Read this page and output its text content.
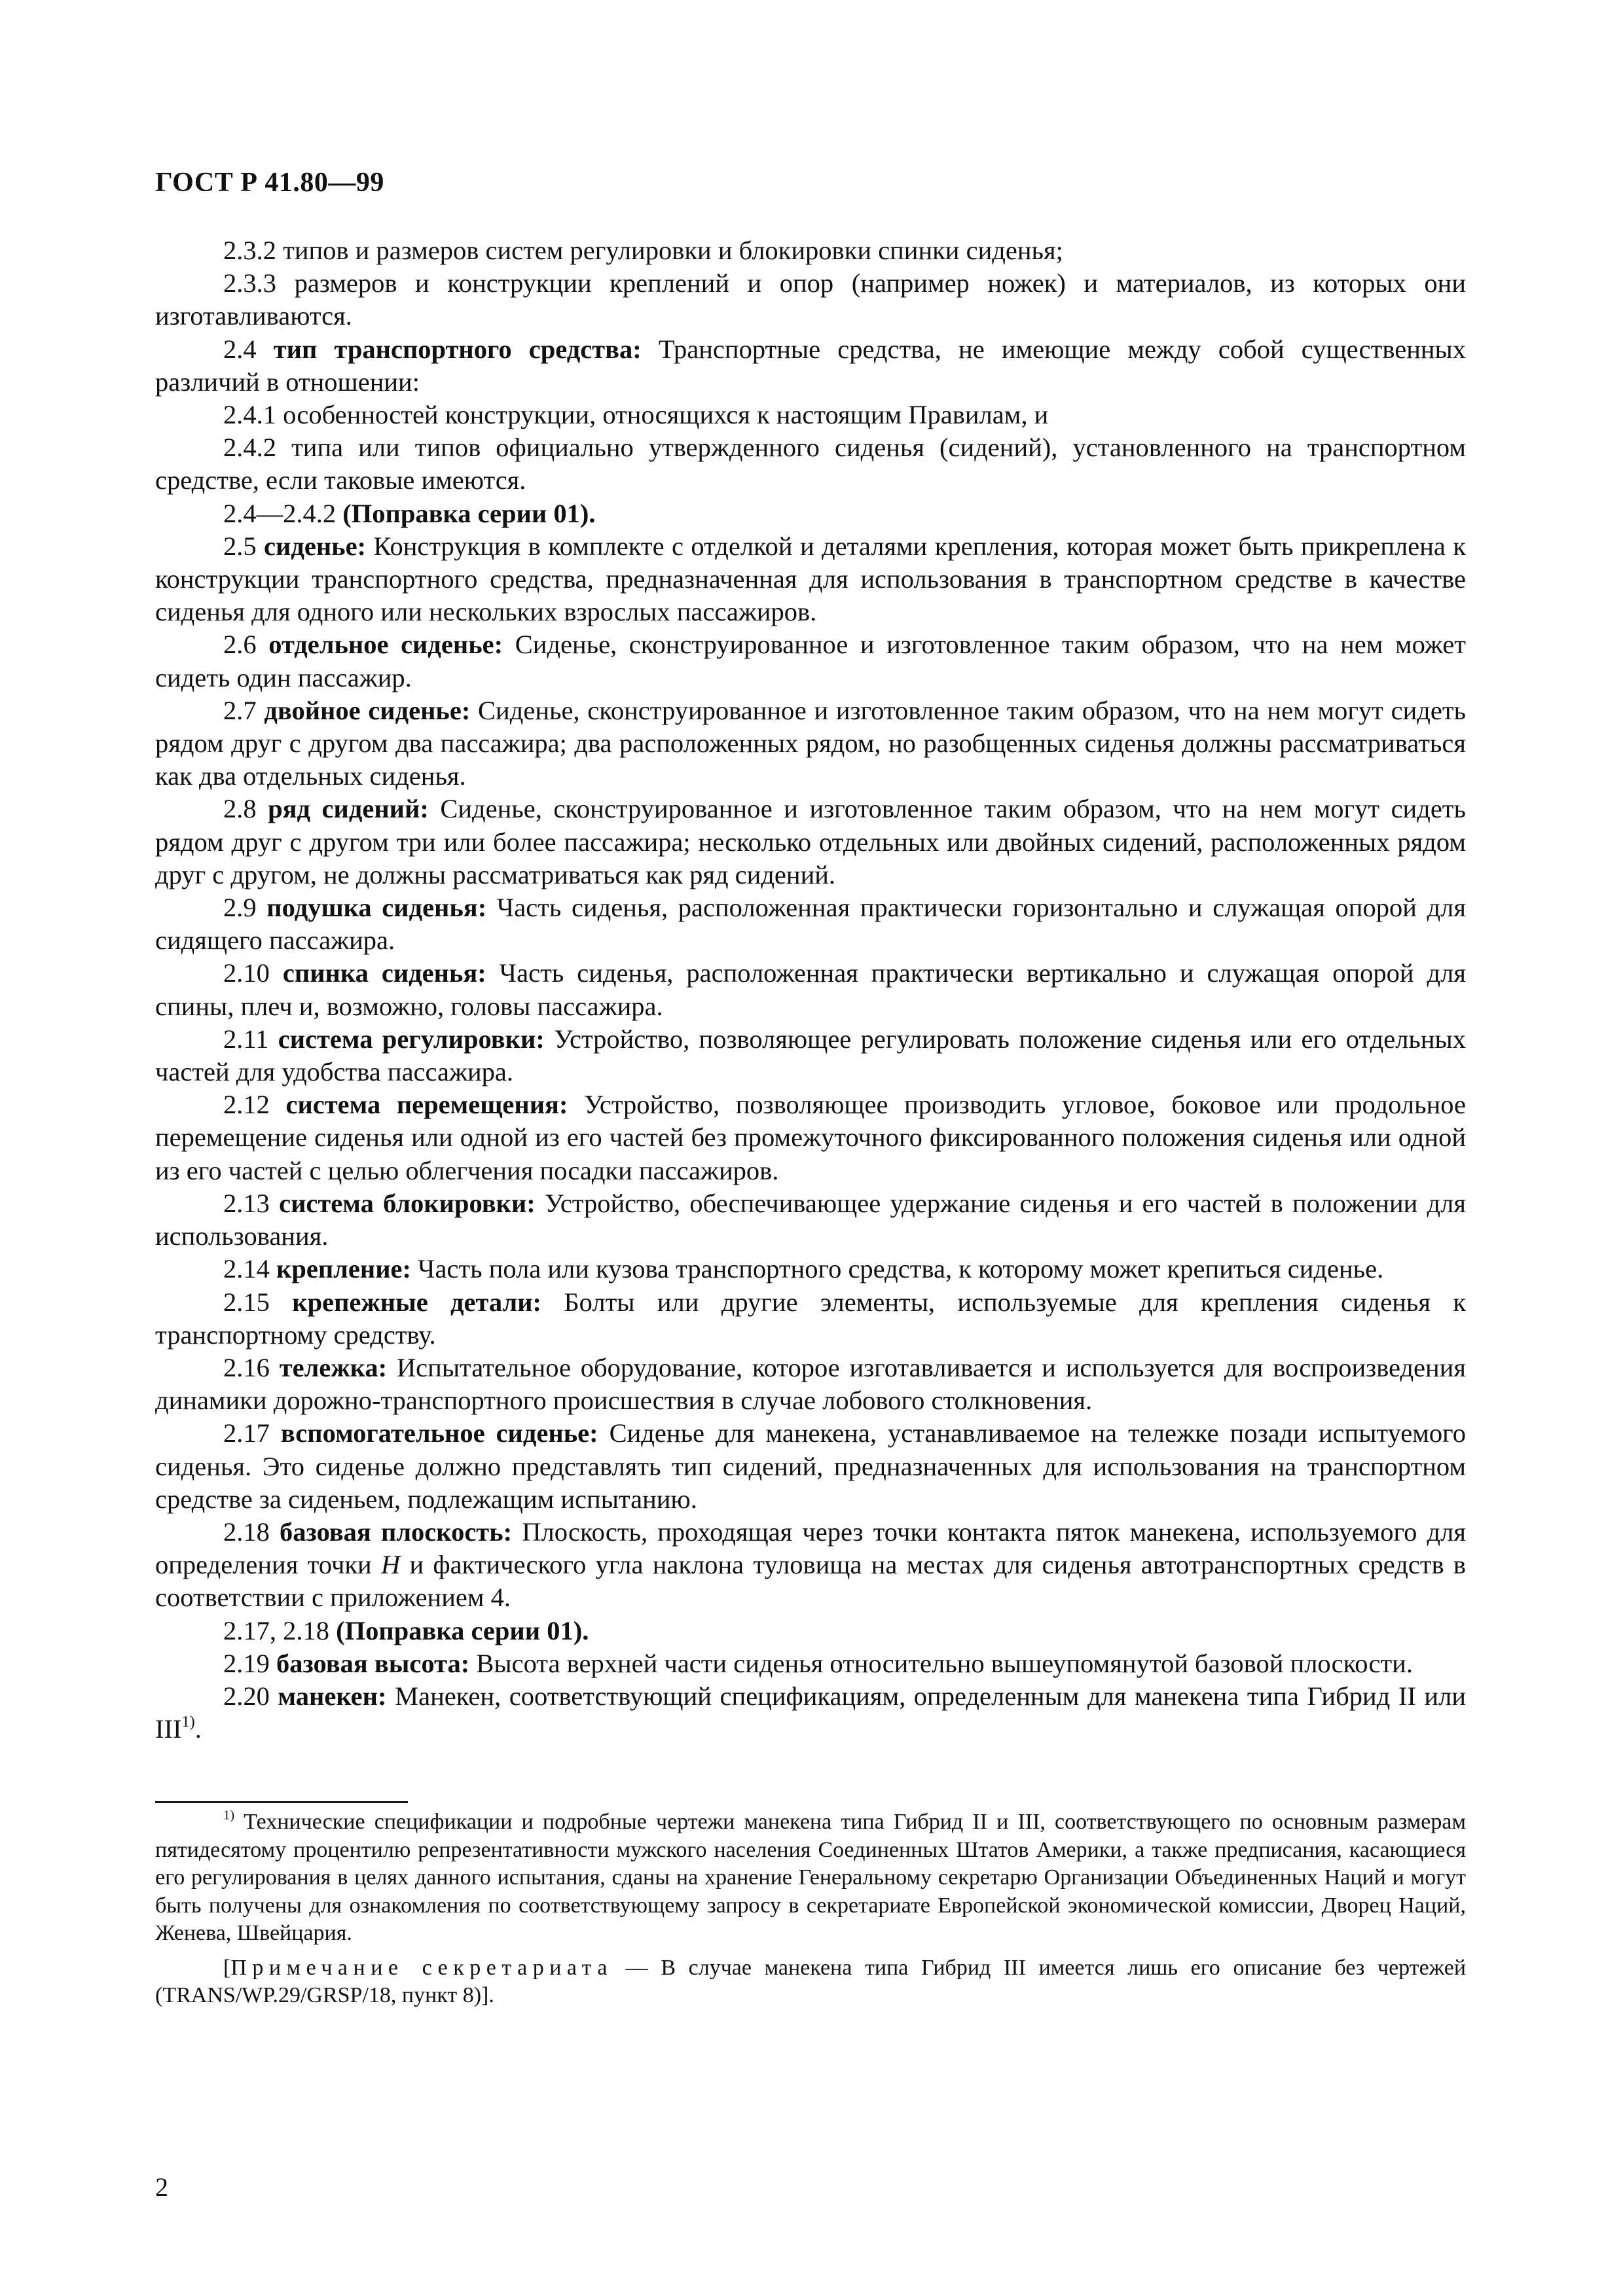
ГОСТ Р 41.80—99

2.3.2 типов и размеров систем регулировки и блокировки спинки сиденья;

2.3.3 размеров и конструкции креплений и опор (например ножек) и материалов, из которых они изготавливаются.

2.4 тип транспортного средства: Транспортные средства, не имеющие между собой существенных различий в отношении:

2.4.1 особенностей конструкции, относящихся к настоящим Правилам, и

2.4.2 типа или типов официально утвержденного сиденья (сидений), установленного на транспортном средстве, если таковые имеются.

2.4—2.4.2 (Поправка серии 01).

2.5 сиденье: Конструкция в комплекте с отделкой и деталями крепления, которая может быть прикреплена к конструкции транспортного средства, предназначенная для использования в транспортном средстве в качестве сиденья для одного или нескольких взрослых пассажиров.

2.6 отдельное сиденье: Сиденье, сконструированное и изготовленное таким образом, что на нем может сидеть один пассажир.

2.7 двойное сиденье: Сиденье, сконструированное и изготовленное таким образом, что на нем могут сидеть рядом друг с другом два пассажира; два расположенных рядом, но разобщенных сиденья должны рассматриваться как два отдельных сиденья.

2.8 ряд сидений: Сиденье, сконструированное и изготовленное таким образом, что на нем могут сидеть рядом друг с другом три или более пассажира; несколько отдельных или двойных сидений, расположенных рядом друг с другом, не должны рассматриваться как ряд сидений.

2.9 подушка сиденья: Часть сиденья, расположенная практически горизонтально и служащая опорой для сидящего пассажира.

2.10 спинка сиденья: Часть сиденья, расположенная практически вертикально и служащая опорой для спины, плеч и, возможно, головы пассажира.

2.11 система регулировки: Устройство, позволяющее регулировать положение сиденья или его отдельных частей для удобства пассажира.

2.12 система перемещения: Устройство, позволяющее производить угловое, боковое или продольное перемещение сиденья или одной из его частей без промежуточного фиксированного положения сиденья или одной из его частей с целью облегчения посадки пассажиров.

2.13 система блокировки: Устройство, обеспечивающее удержание сиденья и его частей в положении для использования.

2.14 крепление: Часть пола или кузова транспортного средства, к которому может крепиться сиденье.

2.15 крепежные детали: Болты или другие элементы, используемые для крепления сиденья к транспортному средству.

2.16 тележка: Испытательное оборудование, которое изготавливается и используется для воспроизведения динамики дорожно-транспортного происшествия в случае лобового столкновения.

2.17 вспомогательное сиденье: Сиденье для манекена, устанавливаемое на тележке позади испытуемого сиденья. Это сиденье должно представлять тип сидений, предназначенных для использования на транспортном средстве за сиденьем, подлежащим испытанию.

2.18 базовая плоскость: Плоскость, проходящая через точки контакта пяток манекена, используемого для определения точки H и фактического угла наклона туловища на местах для сиденья автотранспортных средств в соответствии с приложением 4.

2.17, 2.18 (Поправка серии 01).

2.19 базовая высота: Высота верхней части сиденья относительно вышеупомянутой базовой плоскости.

2.20 манекен: Манекен, соответствующий спецификациям, определенным для манекена типа Гибрид II или III$^{1)}$.

$^{1)}$ Технические спецификации и подробные чертежи манекена типа Гибрид II и III, соответствующего по основным размерам пятидесятому процентилю репрезентативности мужского населения Соединенных Штатов Америки, а также предписания, касающиеся его регулирования в целях данного испытания, сданы на хранение Генеральному секретарю Организации Объединенных Наций и могут быть получены для ознакомления по соответствующему запросу в секретариате Европейской экономической комиссии, Дворец Наций, Женева, Швейцария.

[Примечание секретариата — В случае манекена типа Гибрид III имеется лишь его описание без чертежей (TRANS/WP.29/GRSP/18, пункт 8)].

2
